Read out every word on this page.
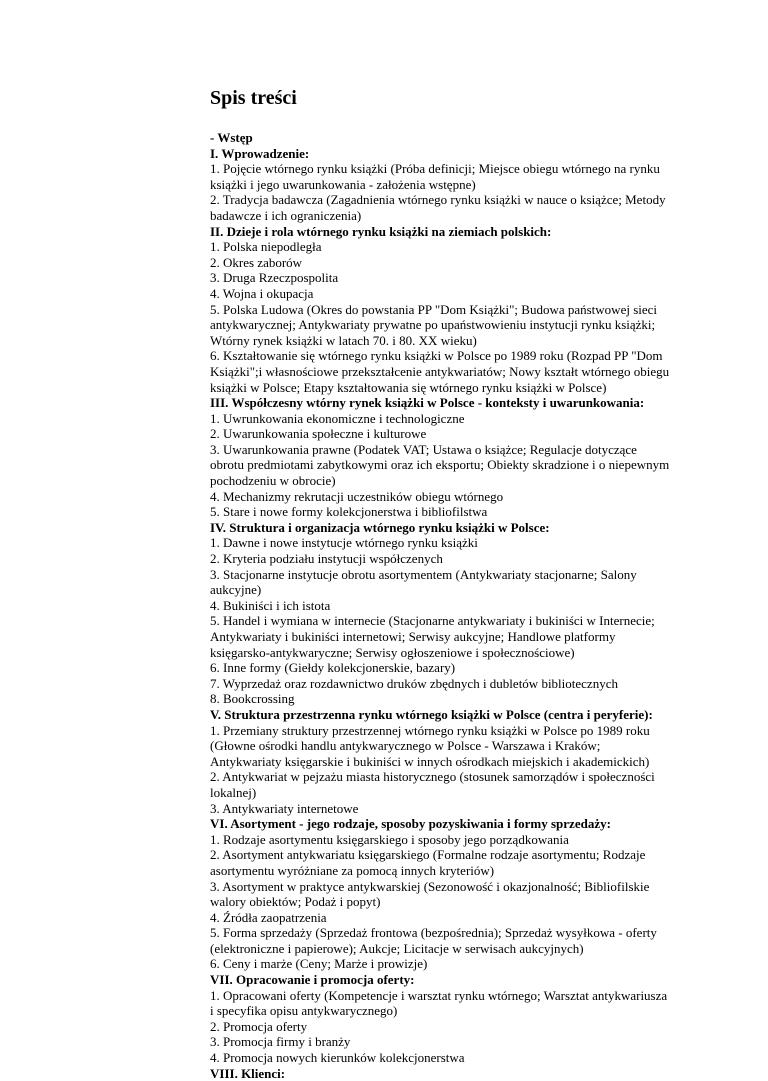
Spis treści
- Wstęp
I. Wprowadzenie:
1. Pojęcie wtórnego rynku książki (Próba definicji; Miejsce obiegu wtórnego na rynku książki i jego uwarunkowania - założenia wstępne)
2. Tradycja badawcza (Zagadnienia wtórnego rynku książki w nauce o książce; Metody badawcze i ich ograniczenia)
II. Dzieje i rola wtórnego rynku książki na ziemiach polskich:
1. Polska niepodległa
2. Okres zaborów
3. Druga Rzeczpospolita
4. Wojna i okupacja
5. Polska Ludowa (Okres do powstania PP "Dom Książki"; Budowa państwowej sieci antykwarycznej; Antykwariaty prywatne po upaństwowieniu instytucji rynku książki; Wtórny rynek książki w latach 70. i 80. XX wieku)
6. Kształtowanie się wtórnego rynku książki w Polsce po 1989 roku (Rozpad PP "Dom Książki";i własnościowe przekształcenie antykwariatów; Nowy kształt wtórnego obiegu książki w Polsce; Etapy kształtowania się wtórnego rynku książki w Polsce)
III. Współczesny wtórny rynek książki w Polsce - konteksty i uwarunkowania:
1. Uwrunkowania ekonomiczne i technologiczne
2. Uwarunkowania społeczne i kulturowe
3. Uwarunkowania prawne (Podatek VAT; Ustawa o książce; Regulacje dotyczące obrotu predmiotami zabytkowymi oraz ich eksportu; Obiekty skradzione i o niepewnym pochodzeniu w obrocie)
4. Mechanizmy rekrutacji uczestników obiegu wtórnego
5. Stare i nowe formy kolekcjonerstwa i bibliofilstwa
IV. Struktura i organizacja wtórnego rynku książki w Polsce:
1. Dawne i nowe instytucje wtórnego rynku książki
2. Kryteria podziału instytucji współczenych
3. Stacjonarne instytucje obrotu asortymentem (Antykwariaty stacjonarne; Salony aukcyjne)
4. Bukiniści i ich istota
5. Handel i wymiana w internecie (Stacjonarne antykwariaty i bukiniści w Internecie; Antykwariaty i bukiniści internetowi; Serwisy aukcyjne; Handlowe platformy księgarsko-antykwaryczne; Serwisy ogłoszeniowe i społecznościowe)
6. Inne formy (Giełdy kolekcjonerskie, bazary)
7. Wyprzedaż oraz rozdawnictwo druków zbędnych i dubletów bibliotecznych
8. Bookcrossing
V. Struktura przestrzenna rynku wtórnego książki w Polsce (centra i peryferie):
1. Przemiany struktury przestrzennej wtórnego rynku książki w Polsce po 1989 roku (Głowne ośrodki handlu antykwarycznego w Polsce - Warszawa i Kraków; Antykwariaty księgarskie i bukiniści w innych ośrodkach miejskich i akademickich)
2. Antykwariat w pejzażu miasta historycznego (stosunek samorządów i społeczności lokalnej)
3. Antykwariaty internetowe
VI. Asortyment - jego rodzaje, sposoby pozyskiwania i formy sprzedaży:
1. Rodzaje asortymentu księgarskiego i sposoby jego porządkowania
2. Asortyment antykwariatu księgarskiego (Formalne rodzaje asortymentu; Rodzaje asortymentu wyróżniane za pomocą innych kryteriów)
3. Asortyment w praktyce antykwarskiej (Sezonowość i okazjonalność; Bibliofilskie walory obiektów; Podaż i popyt)
4. Źródła zaopatrzenia
5. Forma sprzedaży (Sprzedaż frontowa (bezpośrednia); Sprzedaż wysyłkowa - oferty (elektroniczne i papierowe); Aukcje; Licitacje w serwisach aukcyjnych)
6. Ceny i marże (Ceny; Marże i prowizje)
VII. Opracowanie i promocja oferty:
1. Opracowani oferty (Kompetencje i warsztat rynku wtórnego; Warsztat antykwariusza i specyfika opisu antykwarycznego)
2. Promocja oferty
3. Promocja firmy i branży
4. Promocja nowych kierunków kolekcjonerstwa
VIII. Klienci:
